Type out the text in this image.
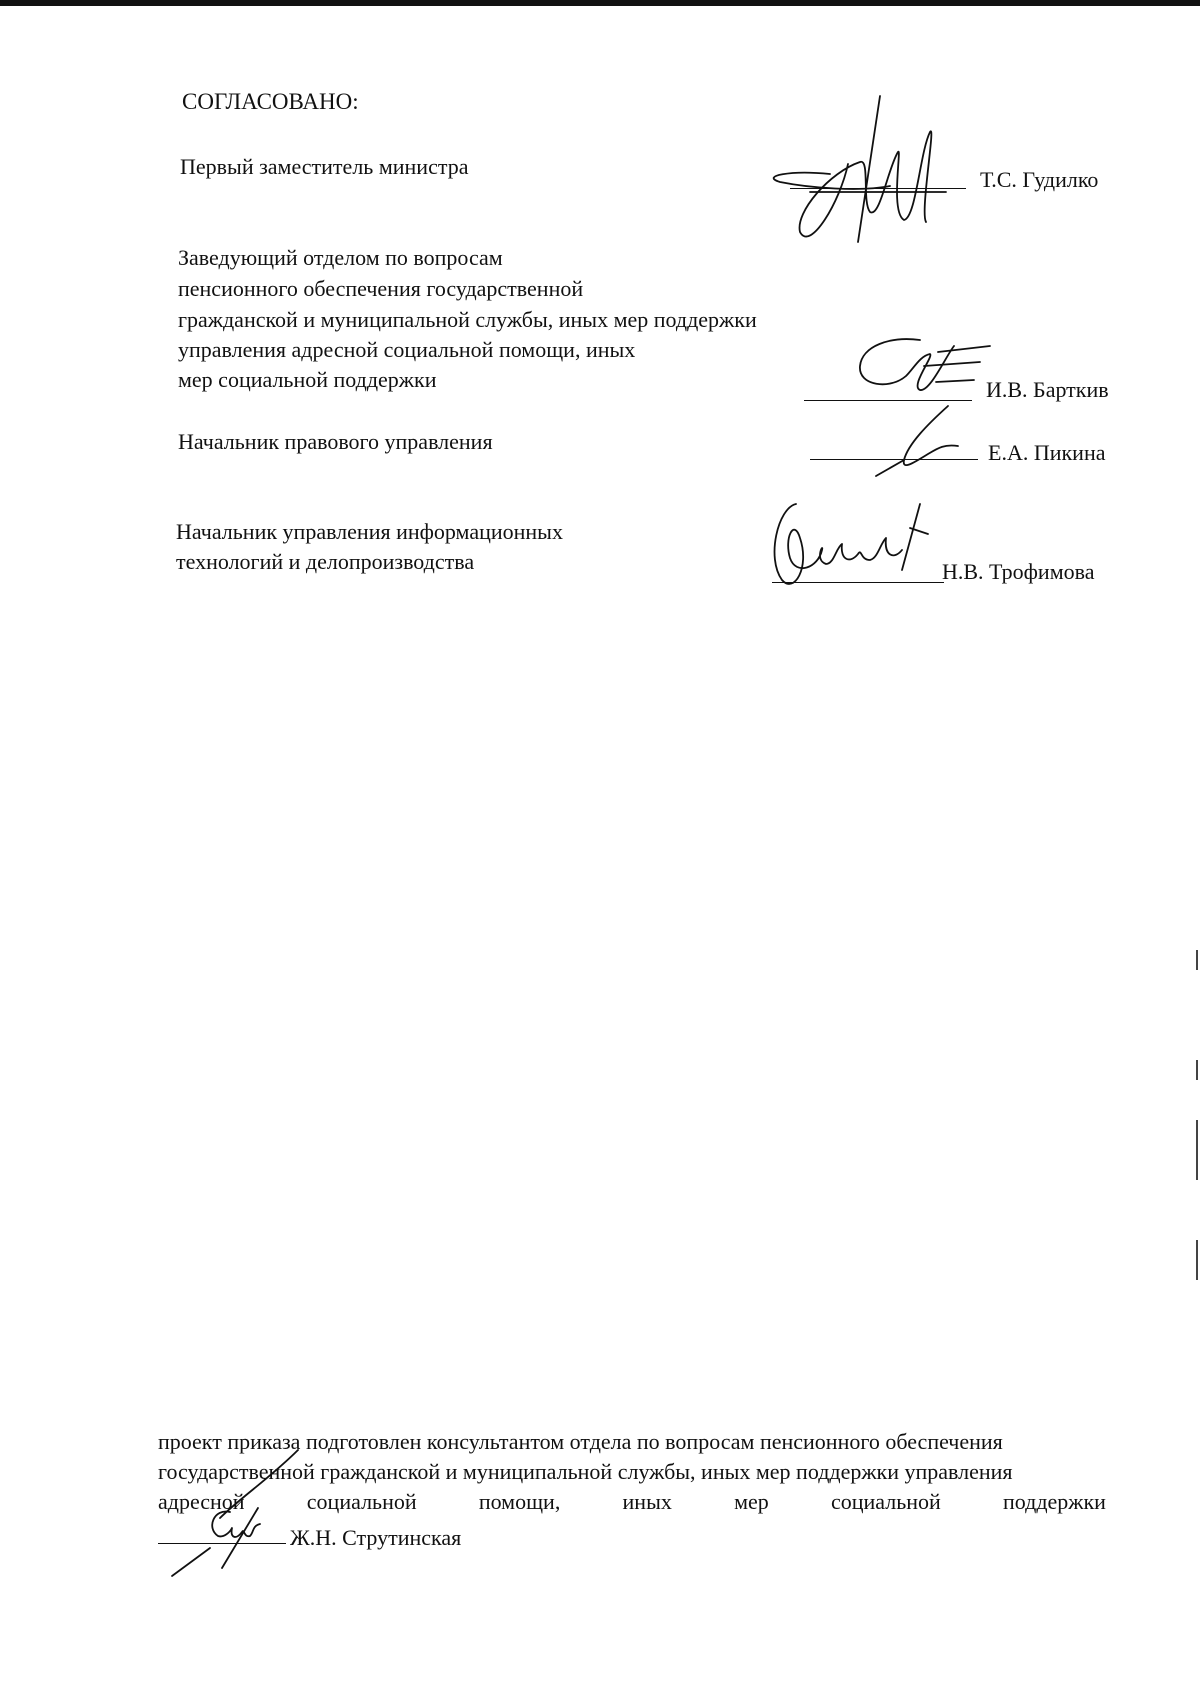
СОГЛАСОВАНО:
Первый заместитель министра
Т.С. Гудилко
Заведующий отделом по вопросам
пенсионного обеспечения государственной
гражданской и муниципальной службы, иных мер поддержки
управления адресной социальной помощи, иных
мер социальной поддержки	И.В. Барткив
Начальник правового управления	Е.А. Пикина
Начальник управления информационных
технологий и делопроизводства	Н.В. Трофимова
проект приказа подготовлен консультантом отдела по вопросам пенсионного обеспечения
государственной гражданской и муниципальной службы, иных мер поддержки управления
адресной	социальной	помощи,	иных	мер	социальной	поддержки
Ж.Н. Струтинская
